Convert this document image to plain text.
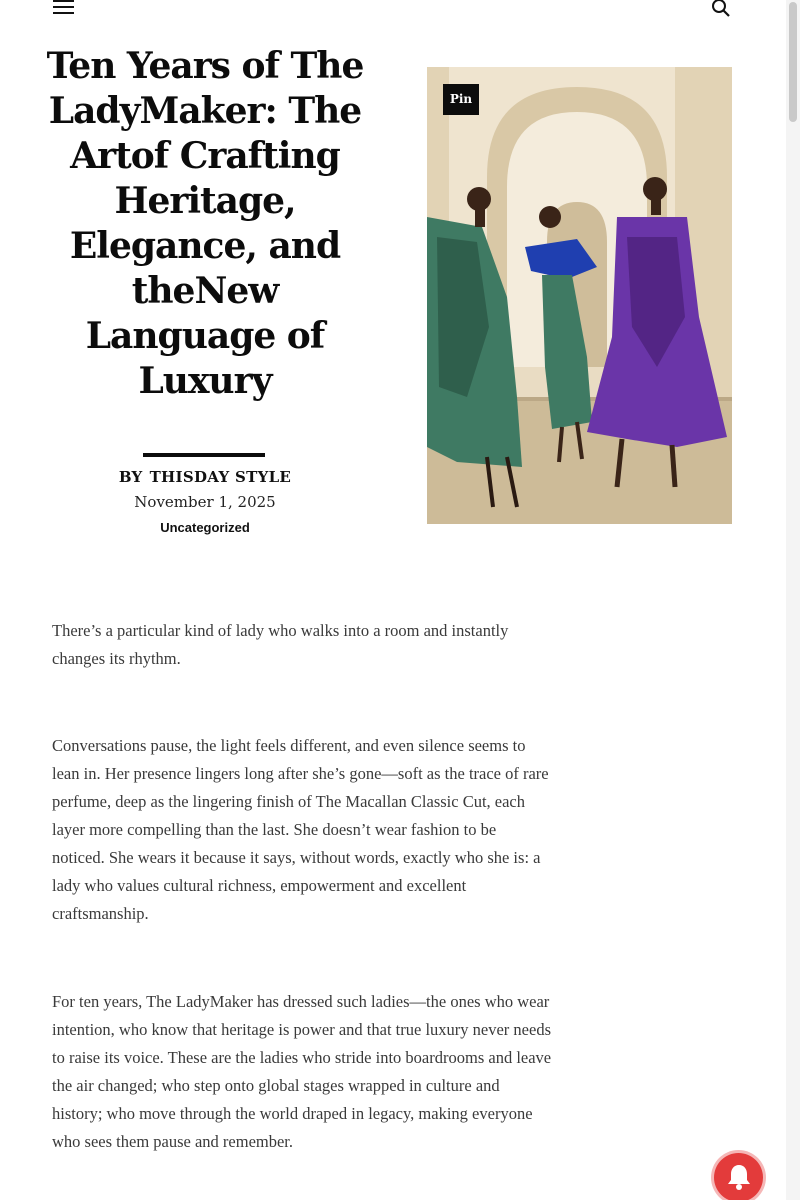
Ten Years of The LadyMaker: The Artof Crafting Heritage, Elegance, and theNew Language of Luxury
BY THISDAY STYLE
November 1, 2025
Uncategorized
Pin

There’s a particular kind of lady who walks into a room and instantly changes its rhythm.

Conversations pause, the light feels different, and even silence seems to lean in. Her presence lingers long after she’s gone—soft as the trace of rare perfume, deep as the lingering finish of The Macallan Classic Cut, each layer more compelling than the last. She doesn’t wear fashion to be noticed. She wears it because it says, without words, exactly who she is: a lady who values cultural richness, empowerment and excellent craftsmanship.

For ten years, The LadyMaker has dressed such ladies—the ones who wear intention, who know that heritage is power and that true luxury never needs to raise its voice. These are the ladies who stride into boardrooms and leave the air changed; who step onto global stages wrapped in culture and history; who move through the world draped in legacy, making everyone who sees them pause and remember.
